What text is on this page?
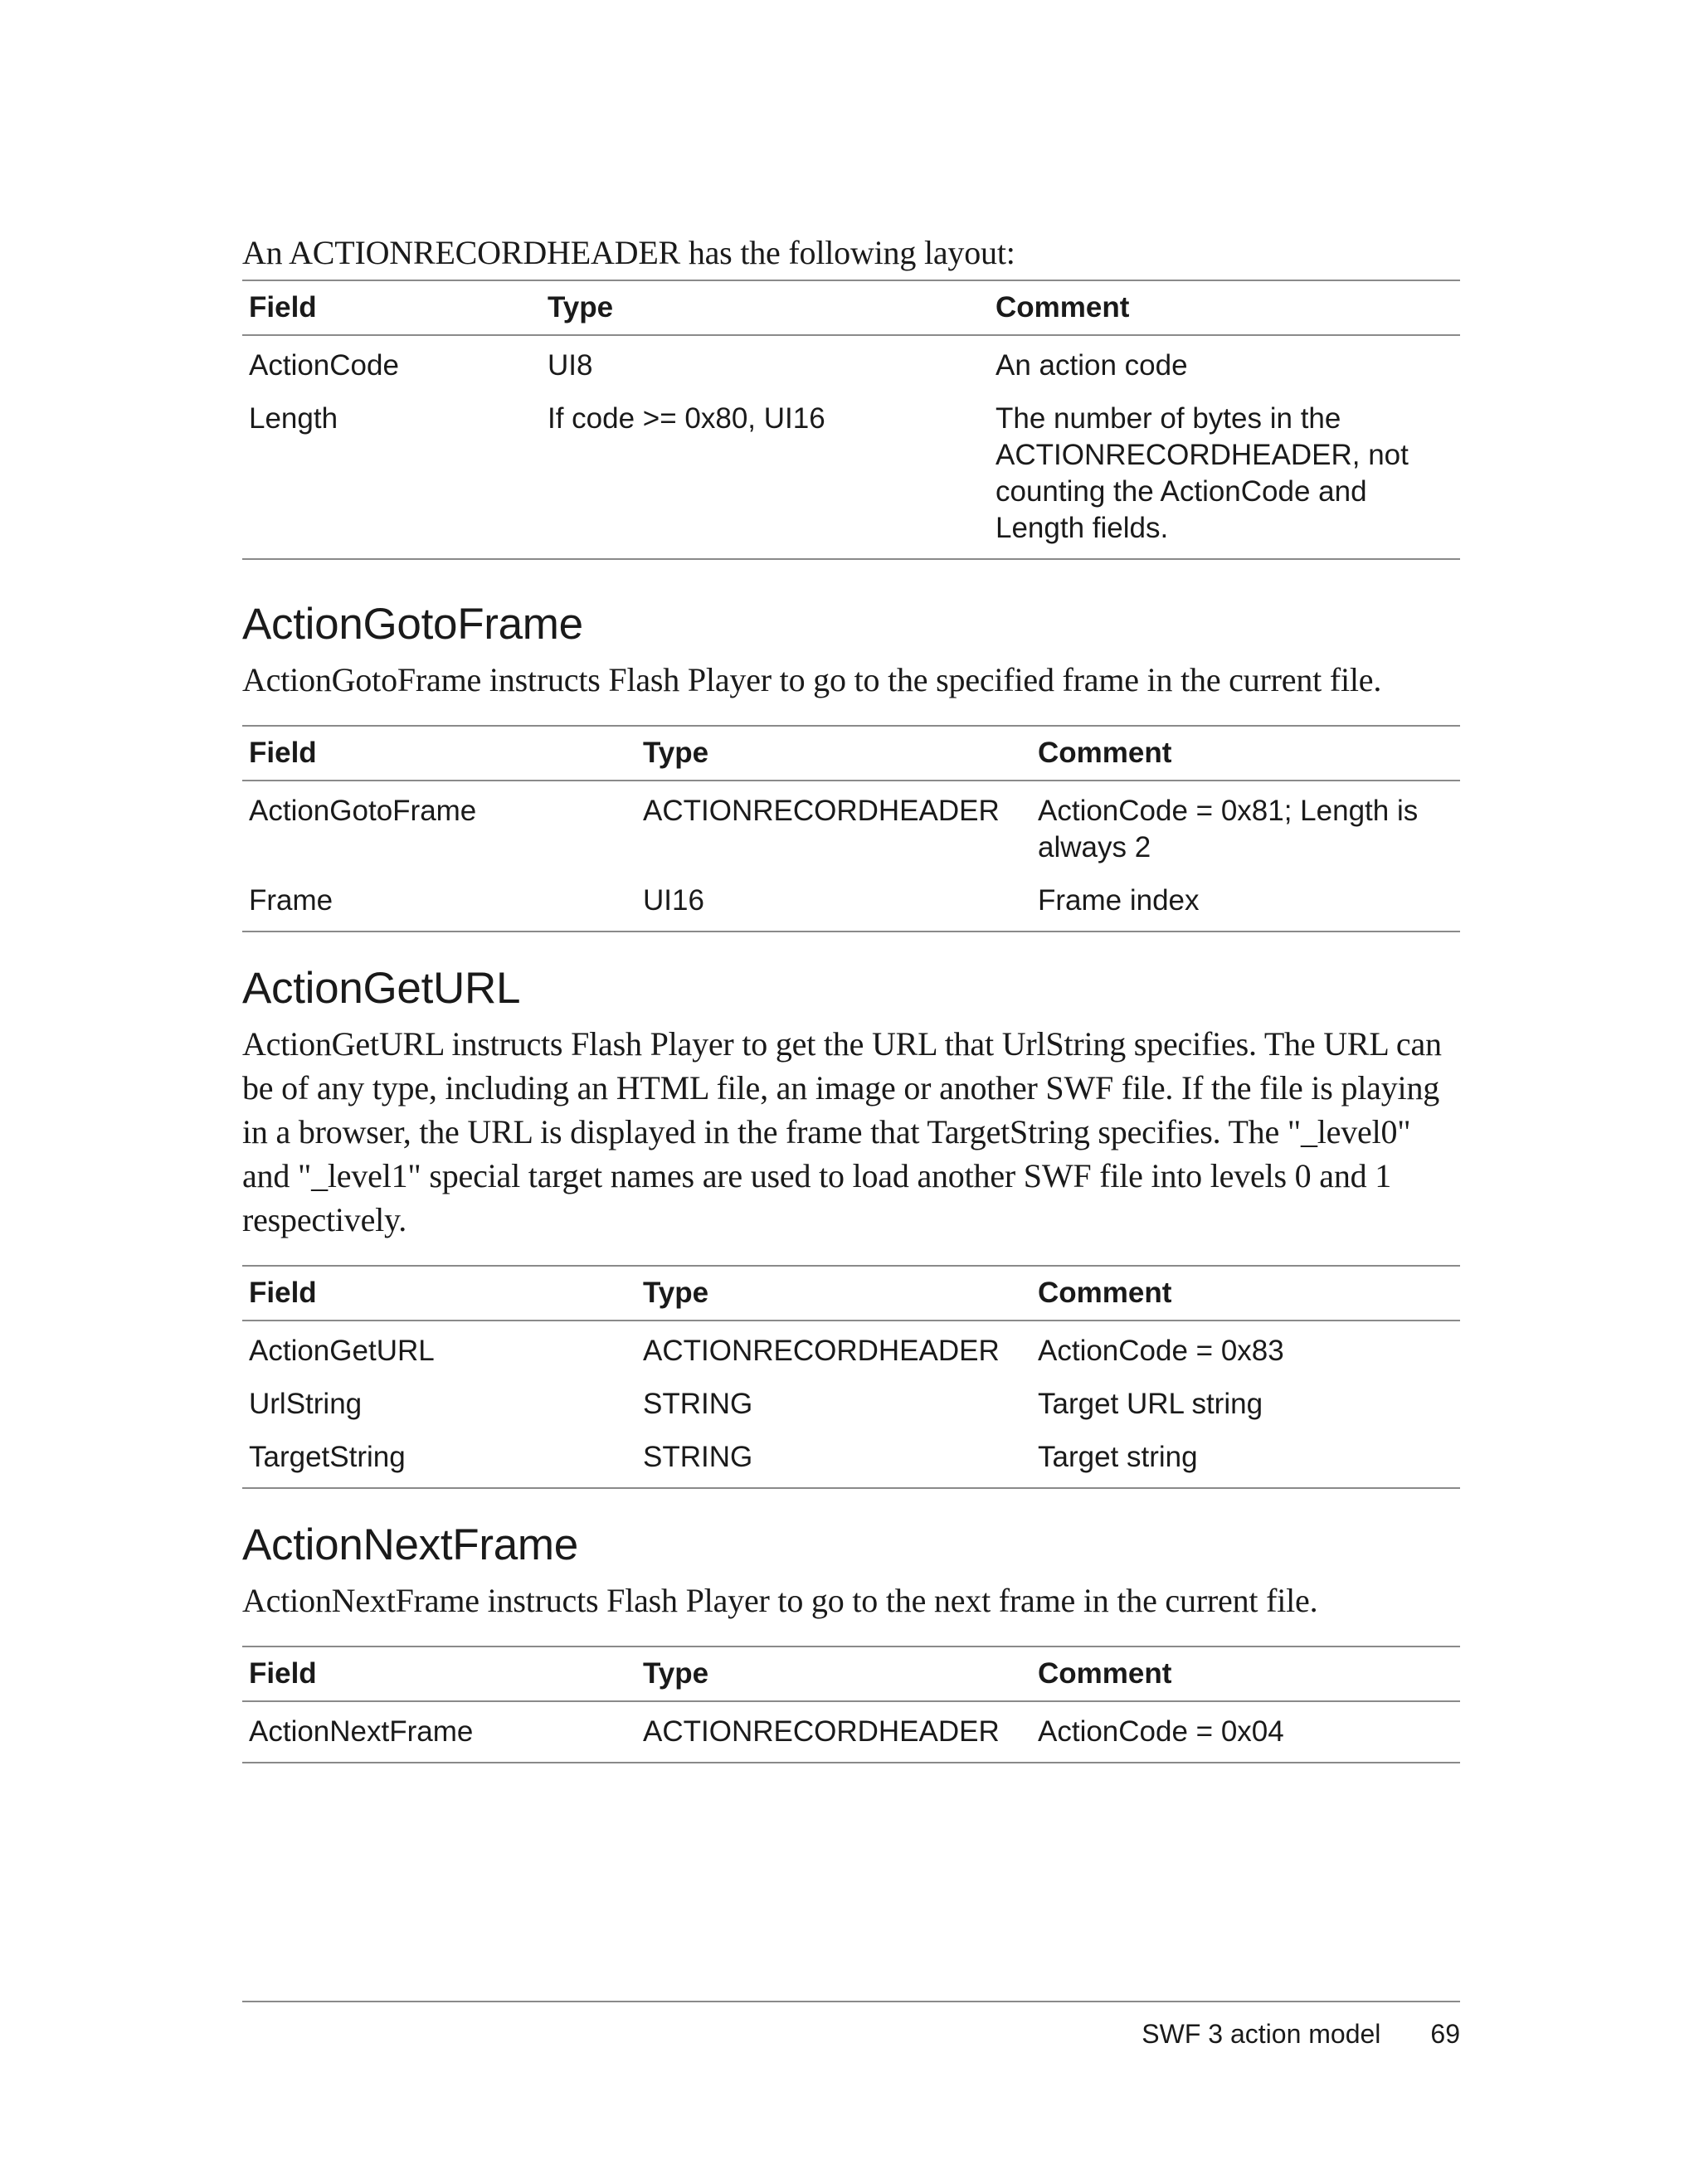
An ACTIONRECORDHEADER has the following layout:

Field	Type	Comment
ActionCode	UI8	An action code
Length	If code >= 0x80, UI16	The number of bytes in the ACTIONRECORDHEADER, not counting the ActionCode and Length fields.
ActionGotoFrame

ActionGotoFrame instructs Flash Player to go to the specified frame in the current file.

Field	Type	Comment
ActionGotoFrame	ACTIONRECORDHEADER	ActionCode = 0x81; Length is always 2
Frame	UI16	Frame index
ActionGetURL

ActionGetURL instructs Flash Player to get the URL that UrlString specifies. The URL can be of any type, including an HTML file, an image or another SWF file. If the file is playing in a browser, the URL is displayed in the frame that TargetString specifies. The "_level0" and "_level1" special target names are used to load another SWF file into levels 0 and 1 respectively.

Field	Type	Comment
ActionGetURL	ACTIONRECORDHEADER	ActionCode = 0x83
UrlString	STRING	Target URL string
TargetString	STRING	Target string
ActionNextFrame

ActionNextFrame instructs Flash Player to go to the next frame in the current file.

Field	Type	Comment
ActionNextFrame	ACTIONRECORDHEADER	ActionCode = 0x04
SWF 3 action model 69
